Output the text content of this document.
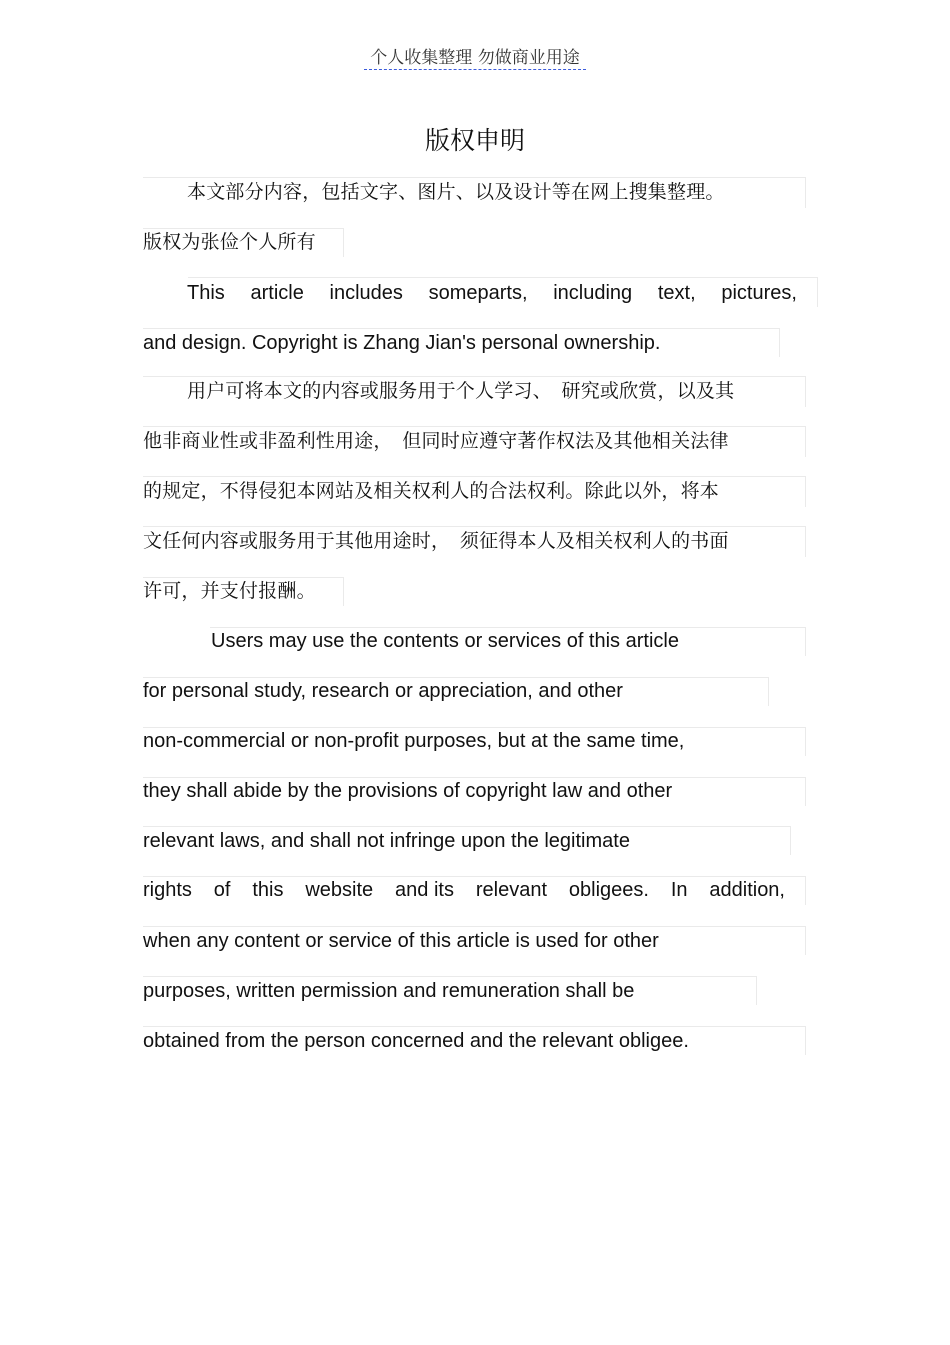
个人收集整理 勿做商业用途
版权申明
本文部分内容，包括文字、图片、以及设计等在网上搜集整理。
版权为张俭个人所有
This article includes someparts, including text, pictures,
and design. Copyright is Zhang Jian's personal ownership.
用户可将本文的内容或服务用于个人学习、　研究或欣赏，以及其
他非商业性或非盈利性用途，　但同时应遵守著作权法及其他相关法律
的规定，不得侵犯本网站及相关权利人的合法权利。除此以外，将本
文任何内容或服务用于其他用途时，　须征得本人及相关权利人的书面
许可，并支付报酬。
Users may use the contents or services of this article
for personal study, research or appreciation, and other
non-commercial or non-profit purposes, but at the same time,
they shall abide by the provisions of copyright law and other
relevant laws, and shall not infringe upon the legitimate
rights of this website and its relevant obligees. In addition,
when any content or service of this article is used for other
purposes, written permission and remuneration shall be
obtained from the person concerned and the relevant obligee.
